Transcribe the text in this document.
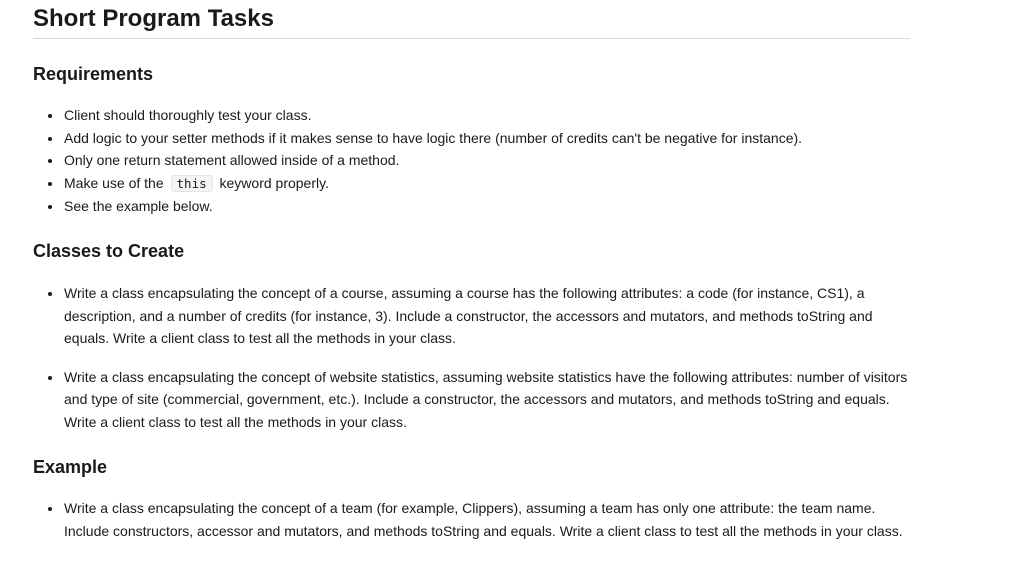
Short Program Tasks
Requirements
Client should thoroughly test your class.
Add logic to your setter methods if it makes sense to have logic there (number of credits can't be negative for instance).
Only one return statement allowed inside of a method.
Make use of the this keyword properly.
See the example below.
Classes to Create
Write a class encapsulating the concept of a course, assuming a course has the following attributes: a code (for instance, CS1), a description, and a number of credits (for instance, 3). Include a constructor, the accessors and mutators, and methods toString and equals. Write a client class to test all the methods in your class.
Write a class encapsulating the concept of website statistics, assuming website statistics have the following attributes: number of visitors and type of site (commercial, government, etc.). Include a constructor, the accessors and mutators, and methods toString and equals. Write a client class to test all the methods in your class.
Example
Write a class encapsulating the concept of a team (for example, Clippers), assuming a team has only one attribute: the team name. Include constructors, accessor and mutators, and methods toString and equals. Write a client class to test all the methods in your class.
